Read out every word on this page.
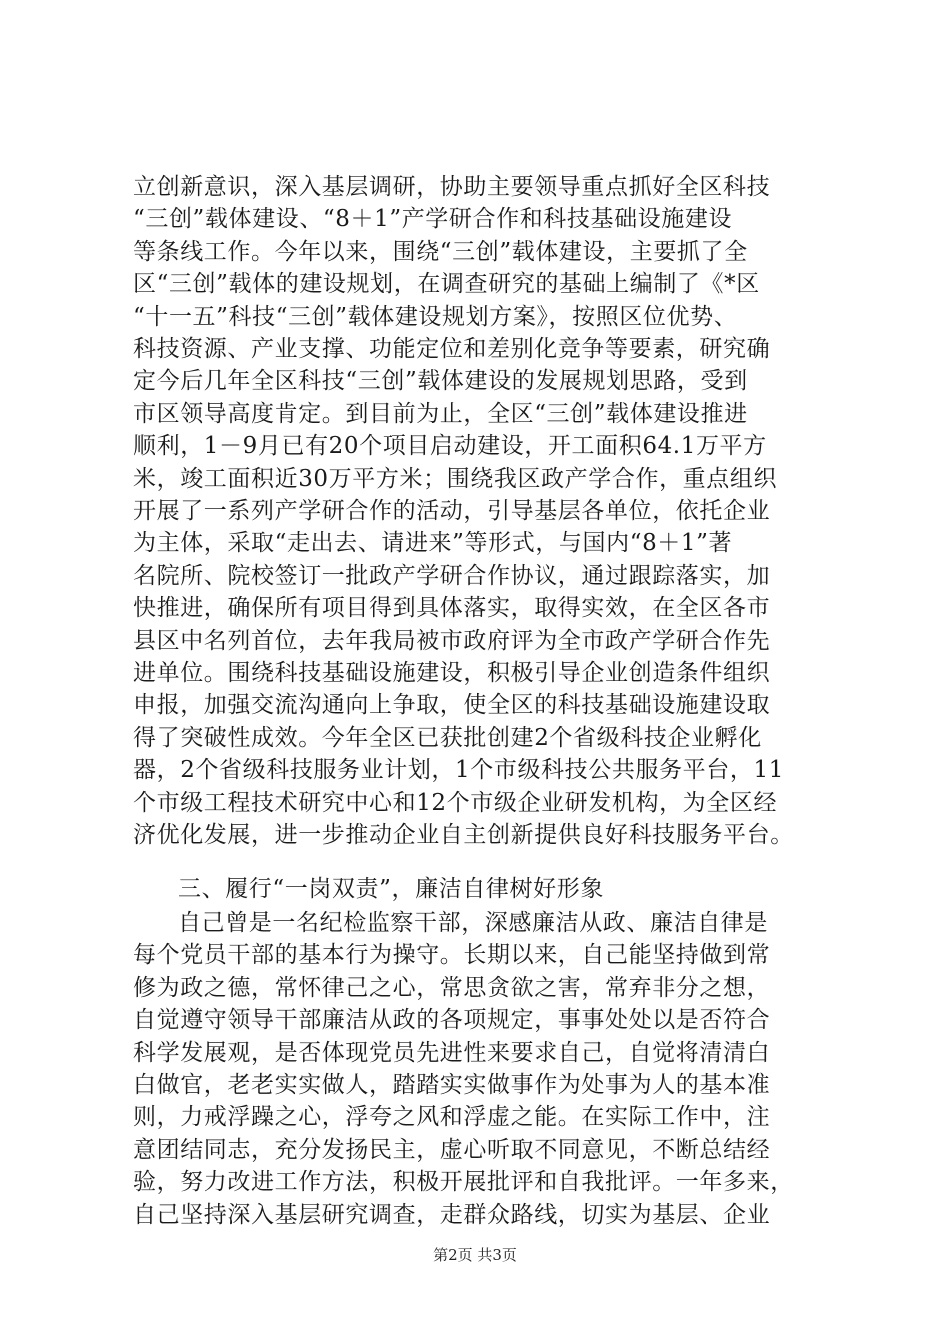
立创新意识，深入基层调研，协助主要领导重点抓好全区科技
“三创”载体建设、“8＋1”产学研合作和科技基础设施建设
等条线工作。今年以来，围绕“三创”载体建设，主要抓了全
区“三创”载体的建设规划，在调查研究的基础上编制了《*区
“十一五”科技“三创”载体建设规划方案》，按照区位优势、
科技资源、产业支撑、功能定位和差别化竞争等要素，研究确
定今后几年全区科技“三创”载体建设的发展规划思路，受到
市区领导高度肯定。到目前为止，全区“三创”载体建设推进
顺利，1－9月已有20个项目启动建设，开工面积64.1万平方
米，竣工面积近30万平方米；围绕我区政产学合作，重点组织
开展了一系列产学研合作的活动，引导基层各单位，依托企业
为主体，采取“走出去、请进来”等形式，与国内“8＋1”著
名院所、院校签订一批政产学研合作协议，通过跟踪落实，加
快推进，确保所有项目得到具体落实，取得实效，在全区各市
县区中名列首位，去年我局被市政府评为全市政产学研合作先
进单位。围绕科技基础设施建设，积极引导企业创造条件组织
申报，加强交流沟通向上争取，使全区的科技基础设施建设取
得了突破性成效。今年全区已获批创建2个省级科技企业孵化
器，2个省级科技服务业计划，1个市级科技公共服务平台，11
个市级工程技术研究中心和12个市级企业研发机构，为全区经
济优化发展，进一步推动企业自主创新提供良好科技服务平台。
三、履行“一岗双责”，廉洁自律树好形象
自己曾是一名纪检监察干部，深感廉洁从政、廉洁自律是
每个党员干部的基本行为操守。长期以来，自己能坚持做到常
修为政之德，常怀律己之心，常思贪欲之害，常弃非分之想，
自觉遵守领导干部廉洁从政的各项规定，事事处处以是否符合
科学发展观，是否体现党员先进性来要求自己，自觉将清清白
白做官，老老实实做人，踏踏实实做事作为处事为人的基本准
则，力戒浮躁之心，浮夸之风和浮虚之能。在实际工作中，注
意团结同志，充分发扬民主，虚心听取不同意见，不断总结经
验，努力改进工作方法，积极开展批评和自我批评。一年多来，
自己坚持深入基层研究调查，走群众路线，切实为基层、企业
第2页 共3页
